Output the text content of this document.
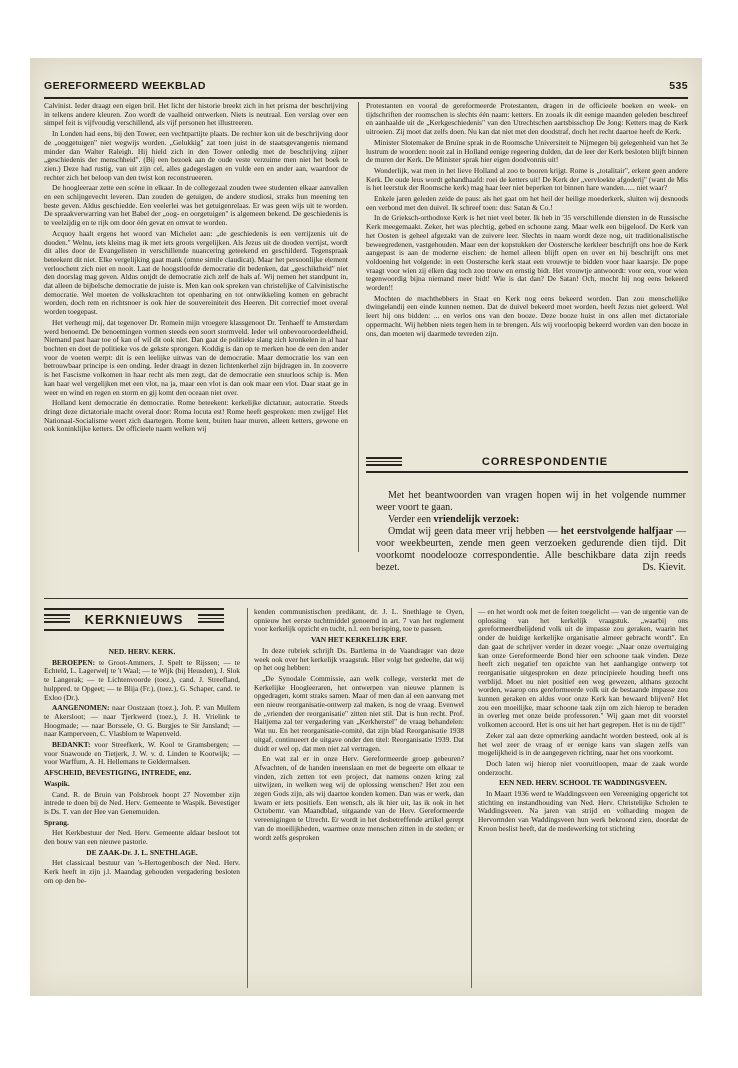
GEREFORMEERD WEEKBLAD	535

Calvinist. Ieder draagt een eigen bril. Het licht der historie breekt zich in het prisma der beschrijving in telkens andere kleuren. Zoo wordt de vaalheid ontwerken. Niets is neutraal. Een verslag over een simpel feit is vijfvoudig verschillend, als vijf personen het illustreeren.

In Londen had eens, bij den Tower, een vechtpartijte plaats. De rechter kon uit de beschrijving door de „ooggetuigen" niet wegwijs worden. „Gelukkig" zat toen juist in de staatsgevangenis niemand minder dan Walter Raleigh. Hij hield zich in den Tower onledig met de beschrijving zijner „geschiedenis der menschheid". (Bij een bezoek aan de oude veste verzuime men niet het boek te zien.) Deze had rustig, van uit zijn cel, alles gadegeslagen en vulde een en ander aan, waardoor de rechter zich het beloop van den twist kon reconstrueeren.

De hoogleeraar zette een scène in elkaar. In de collegezaal zouden twee studenten elkaar aanvallen en een schijngevecht leveren. Dan zouden de getuigen, de andere studiosi, straks hun meening ten beste geven. Aldus geschiedde. Een veelerlei was het getuigenrelaas. Er was geen wijs uit te worden. De spraakverwarring van het Babel der „oog- en oorgetuigen" is algemeen bekend. De geschiedenis is te veelzijdig en te rijk om door één gevat en omvat te worden.

Acquoy haalt ergens het woord van Michelet aan: „de geschiedenis is een verrijzenis uit de dooden." Welnu, iets kleins mag ik met iets groots vergelijken. Als Jezus uit de dooden verrijst, wordt dit alles door de Evangelisten in verschillende nuancering geteekend en geschilderd. Tegenspraak beteekent dit niet. Elke vergelijking gaat mank (omne simile claudicat). Maar het persoonlijke element verloochent zich niet en nooit. Laat de hoogstloofde democratie dit bedenken, dat „geschiktheid" niet den doorslag mag geven. Aldus ontjdt de democratie zich zelf de hals af. Wij nemen het standpunt in, dat alleen de bijbelsche democratie de juiste is. Men kan ook spreken van christelijke of Calvinistische democratie. Wel moeten de volkskrachten tot openbaring en tot ontwikkeling komen en gebracht worden, doch rem en richtsnoer is ook hier de souvereiniteit des Heeren. Dit correctief moet overal worden toegepast.

Het verheugt mij, dat tegenover Dr. Romein mijn vroegere klassgenoot Dr. Tenhaeff te Amsterdam werd benoemd. De benoemingen vormen steeds een soort stormveld. Ieder wil onbevooroordeeldheid. Niemand past haar toe of kan of wil dit ook niet. Dan gaat de politieke slang zich kronkelen in al haar bochten en doet de politieke vos de gekste sprongen. Koddig is dan op te merken hoe de een den ander voor de voeten werpt: dit is een leelijke uitwas van de democratie. Maar democratie los van een betrouwbaar principe is een onding. Ieder draagt in dezen lichtenkerhel zijn bijdragen in. In zooverre is het Fascisme volkomen in haar recht als men zegt, dat de democratie een stuurloos schip is. Men kan haar wel vergelijken met een vlot, na ja, maar een vlot is dan ook maar een vlot. Daar staat ge in weer en wind en regen en storm en gij komt den oceaan niet over.

Holland kent democratie én democratie. Rome beteekent: kerkelijke dictatuur, autocratie. Steeds dringt deze dictatoriale macht overal door: Roma locuta est! Rome heeft gesproken: men zwijge! Het Nationaal-Socialisme weert zich daartegen. Rome kent, buiten haar muren, alleen ketters, gewone en ook koninklijke ketters. De officieele naam welken wij

Protestanten en vooral de gereformeerde Protestanten, dragen in de officieele boeken en week- en tijdschriften der roomschen is slechts één naam: ketters. En zooals ik dit eenige maanden geleden beschreef en aanhaalde uit de „Kerkgeschiedenis" van den Utrechtschen aartsbisschop De Jong: Ketters mag de Kerk uitroeien. Zij moet dat zelfs doen. Nu kan dat niet met den doodstraf, doch het recht daartoe heeft de Kerk.

Minister Slotemaker de Bruïne sprak in de Roomsche Universiteit te Nijmegen bij gelegenheid van het 3e lustrum de woorden: nooit zal in Holland eenige regeering dulden, dat de leer der Kerk besloten blijft binnen de muren der Kerk. De Minister sprak hier eigen doodvonnis uit!

Wonderlijk, wat men in het lieve Holland al zoo te booren krijgt. Rome is „totalitair", erkent geen andere Kerk. De oude leus wordt gehandhaafd: roei de ketters uit! De Kerk der „vervloekte afgoderij" (want de Mis is het leerstuk der Roomsche kerk) mag haar leer niet beperken tot binnen hare wanden...... niet waar?

Enkele jaren geleden zeide de paus: als het gaat om het heil der heilige moederkerk, sluiten wij desnoods een verbond met den duivel. Ik schreef toen: dus: Satan & Co.!

In de Grieksch-orthodoxe Kerk is het niet veel beter. Ik heb in '35 verschillende diensten in de Russische Kerk meegemaakt. Zeker, het was plechtig, gebed en schoone zang. Maar welk een bijgeloof. De Kerk van het Oosten is geheel afgezakt van de zuivere leer. Slechts in naam wordt deze nog, uit traditionalistische beweegredenen, vastgehouden. Maar een der kopstukken der Oostersche kerkleer beschrijft ons hoe de Kerk aangepast is aan de moderne eischen: de hemel alleen blijft open en over en hij beschrijft ons met voldoening het volgende: in een Oostersche kerk staat een vrouwtje te bidden voor haar kaarsje. De pope vraagt voor wien zij elken dag toch zoo trouw en ernstig bidt. Het vrouwtje antwoordt: voor een, voor wien tegenwoordig bijna niemand meer bidt! Wie is dat dan? De Satan! Och, mocht hij nog eens bekeerd worden!!

Mochten de machthebbers in Staat en Kerk nog eens bekeerd worden. Dan zou menschelijke dwingelandij een einde kunnen nemen. Dat de duivel bekeerd moet worden, heeft Jezus niet geleerd. Wel leert hij ons bidden: ... en verlos ons van den booze. Deze booze huist in ons allen met dictatoriale oppermacht. Wij hebben niets tegen hem in te brengen. Als wij voorloopig bekeerd worden van den booze in ons, dan moeten wij daarmede tevreden zijn.

CORRESPONDENTIE

Met het beantwoorden van vragen hopen wij in het volgende nummer weer voort te gaan.

Verder een vriendelijk verzoek:

Omdat wij geen data meer vrij hebben — het eerstvolgende halfjaar — voor weekbeurten, zende men geen verzoeken gedurende dien tijd. Dit voorkomt noodelooze correspondentie. Alle beschikbare data zijn reeds bezet.	Ds. Kievit.

KERKNIEUWS

NED. HERV. KERK.

BEROEPEN: te Groot-Ammers, J. Spelt te Rijssen; — te Echteld, L. Lagerwelj te 't Waal; — te Wijk (bij Heusden), J. Slok te Langerak; — te Lichtenvoorde (toez.), cand. J. Streefland, hulppred. te Opgeet; — te Blija (Fr.), (toez.), G. Schaper, cand. te Exloo (Dr.).

AANGENOMEN: naar Oostzaan (toez.), Joh. P. van Mullem te Akersloot; — naar Tjerkwerd (toez.), J. H. Vrielink te Hoogmade; — naar Borssele, O. G. Burgjes te Sir Jansland; — naar Kamperveen, C. Vlasblom te Wapenveld.

BEDANKT: voor Streefkerk, W. Kool te Gramsbergen; — voor Suawoude en Tietjerk, J. W. v. d. Linden te Kootwijk; — voor Warffum, A. H. Hellemans te Geldermalsen.

AFSCHEID, BEVESTIGING, INTREDE, enz.

Waspik.

Cand. R. de Bruin van Polsbroek hoopt 27 November zijn intrede te doen bij de Ned. Herv. Gemeente te Waspik. Bevestiger is Ds. T. van der Hee van Genemuiden.

Sprang.

Het Kerkbestuur der Ned. Herv. Gemeente aldaar besloot tot den bouw van een nieuwe pastorie.

DE ZAAK-Dr. J. L. SNETHLAGE.

Het classicaal bestuur van 's-Hertogenbosch der Ned. Herv. Kerk heeft in zijn j.l. Maandag gehouden vergadering besloten om op den be-

kenden communistischen predikant, dr. J. L. Snethlage te Oyen, opnieuw het eerste tuchtmiddel genoemd in art. 7 van het reglement voor kerkelijk opzicht en tucht, n.l. een berisping, toe te passen.

VAN HET KERKELIJK ERF.

In deze rubriek schrijft Ds. Bartlema in de Vaandrager van deze week ook over het kerkelijk vraagstuk. Hier volgt het gedeelte, dat wij op het oog hebben:

„De Synodale Commissie, aan welk college, versterkt met de Kerkelijke Hoogleeraren, het ontwerpen van nieuwe plannen is opgedragen, komt straks samen. Maar of men dan al een aanvang met een nieuw reorganisatie-ontwerp zal maken, is nog de vraag. Evenwel de „vrienden der reorganisatie" zitten niet stil. Dat is hun recht. Prof. Haitjema zal ter vergadering van „Kerkherstel" de vraag behandelen: Wat nu. En het reorganisatie-comité, dat zijn blad Reorganisatie 1938 uitgaf, continueert de uitgave onder den titel: Reorganisatie 1939. Dat duidt er wel op, dat men niet zal vertragen.

En wat zal er in onze Herv. Gereformeerde groep gebeuren? Afwachten, of de handen ineenslaan en met de begeerte om elkaar te vinden, zich zetten tot een project, dat namens onzen kring zal uitwijzen, in welken weg wij de oplossing wenschen? Het zou een zegen Gods zijn, als wij daartoe konden komen. Dan was er werk, dan kwam er iets positiefs. Een wensch, als ik hier uit, las ik ook in het Octobernr. van Maandblad, uitgaande van de Herv. Gereformeerde vereenigingen te Utrecht. Er wordt in het desbetreffende artikel gerept van de moeilijkheden, waarmee onze menschen zitten in de steden; er wordt zelfs gesproken

— en het wordt ook met de feiten toegelicht — van de urgentie van de oplossing van het kerkelijk vraagstuk. „waarbij ons gereformeerdbelijdend volk uit de impasse zou geraken, waarin het onder de huidige kerkelijke organisatie almeer gebracht wordt". En dan gaat de schrijver verder in dezer voege: „Naar onze overtuiging kan onze Gereformeerde Bond hier een schoone taak vinden. Deze heeft zich negatief ten opzichte van het aanhangige ontwerp tot reorganisatie uitgesproken en deze principieele houding heeft ons verblijd. Moet nu niet positief een weg gewezen, althans gezocht worden, waarop ons gereformeerde volk uit de bestaande impasse zou kunnen geraken en aldus voor onze Kerk kan bewaard blijven? Het zou een moeilijke, maar schoone taak zijn om zich hierop te beraden in overleg met onze beide professoren." Wij gaan met dit voorstel volkomen accoord. Het is ons uit het hart gegrepen. Het is nu de tijd!"

Zeker zal aan deze opmerking aandacht worden besteed, ook al is het wel zeer de vraag of er eenige kans van slagen zelfs van mogelijkheid is in de aangegeven richting, naar het ons voorkomt.

Doch laten wij hierop niet vooruitloopen, maar de zaak worde onderzocht.

EEN NED. HERV. SCHOOL TE WADDINGSVEEN.

In Maart 1936 werd te Waddingsveen een Vereeniging opgericht tot stichting en instandhouding van Ned. Herv. Christelijke Scholen te Waddingsveen. Na jaren van strijd en volharding mogen de Hervormden van Waddingsveen hun werk bekroond zien, doordat de Kroon beslist heeft, dat de medewerking tot stichting
